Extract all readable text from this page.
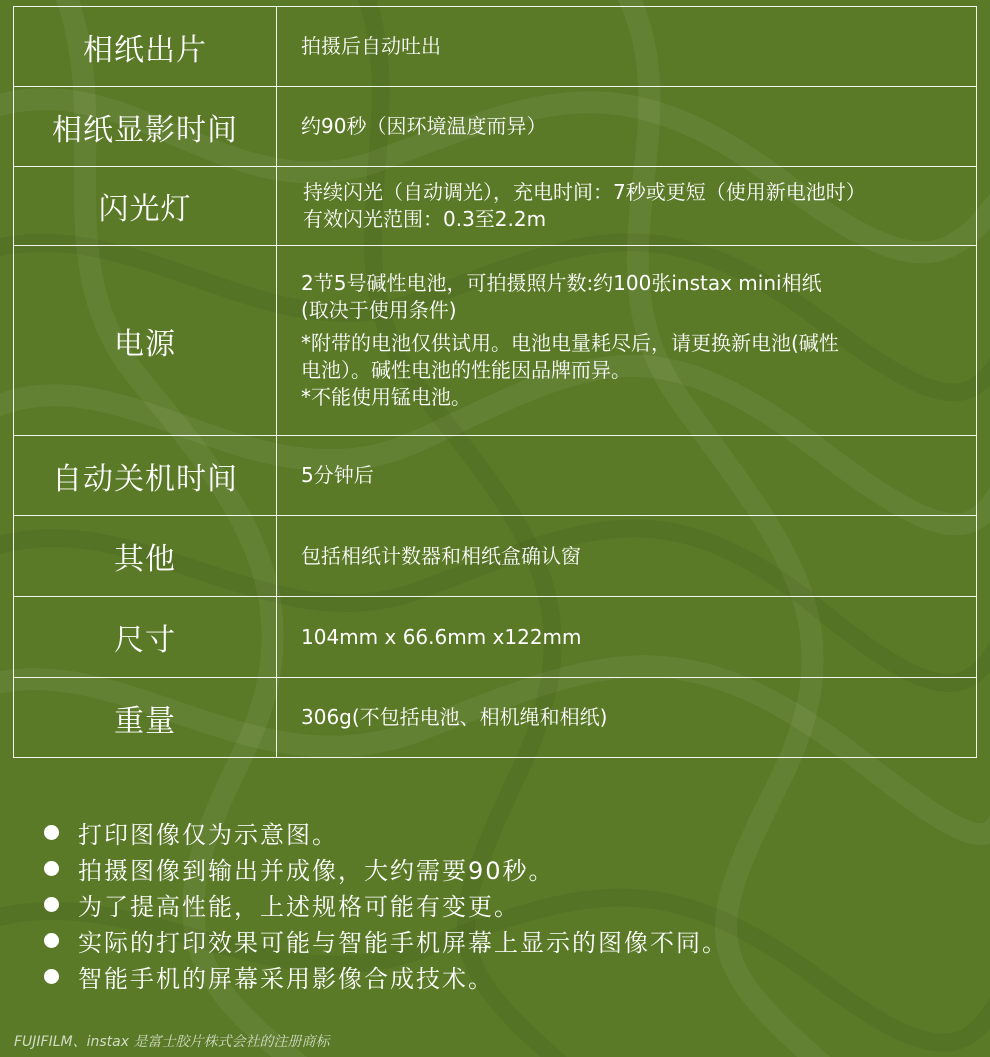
相纸出片	拍摄后自动吐出

相纸显影时间	约90秒（因环境温度而异）

闪光灯	持续闪光（自动调光），充电时间：7秒或更短（使用新电池时）
有效闪光范围：0.3至2.2m

电源	2节5号碱性电池，可拍摄照片数:约100张instax mini相纸
(取决于使用条件)
*附带的电池仅供试用。电池电量耗尽后，请更换新电池(碱性
电池）。碱性电池的性能因品牌而异。
*不能使用锰电池。

自动关机时间	5分钟后

其他	包括相纸计数器和相纸盒确认窗

尺寸	104mm x 66.6mm x122mm

重量	306g(不包括电池、相机绳和相纸)
打印图像仅为示意图。
拍摄图像到输出并成像，大约需要90秒。
为了提高性能，上述规格可能有变更。
实际的打印效果可能与智能手机屏幕上显示的图像不同。
智能手机的屏幕采用影像合成技术。
FUJIFILM、instax 是富士胶片株式会社的注册商标
